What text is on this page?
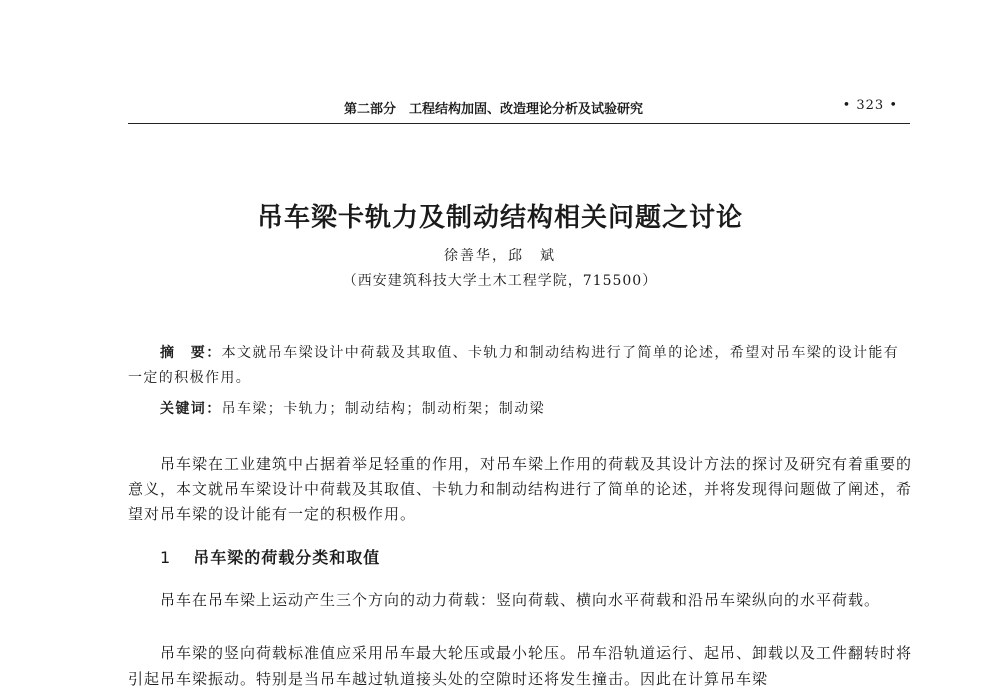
第二部分　工程结构加固、改造理论分析及试验研究	• 323 •
吊车梁卡轨力及制动结构相关问题之讨论
徐善华，邱　斌
（西安建筑科技大学土木工程学院，715500）
摘　要：本文就吊车梁设计中荷载及其取值、卡轨力和制动结构进行了简单的论述，希望对吊车梁的设计能有一定的积极作用。
关键词：吊车梁；卡轨力；制动结构；制动桁架；制动梁
吊车梁在工业建筑中占据着举足轻重的作用，对吊车梁上作用的荷载及其设计方法的探讨及研究有着重要的意义，本文就吊车梁设计中荷载及其取值、卡轨力和制动结构进行了简单的论述，并将发现得问题做了阐述，希望对吊车梁的设计能有一定的积极作用。
1 吊车梁的荷载分类和取值
吊车在吊车梁上运动产生三个方向的动力荷载：竖向荷载、横向水平荷载和沿吊车梁纵向的水平荷载。
吊车梁的竖向荷载标准值应采用吊车最大轮压或最小轮压。吊车沿轨道运行、起吊、卸载以及工件翻转时将引起吊车梁振动。特别是当吊车越过轨道接头处的空隙时还将发生撞击。因此在计算吊车梁
